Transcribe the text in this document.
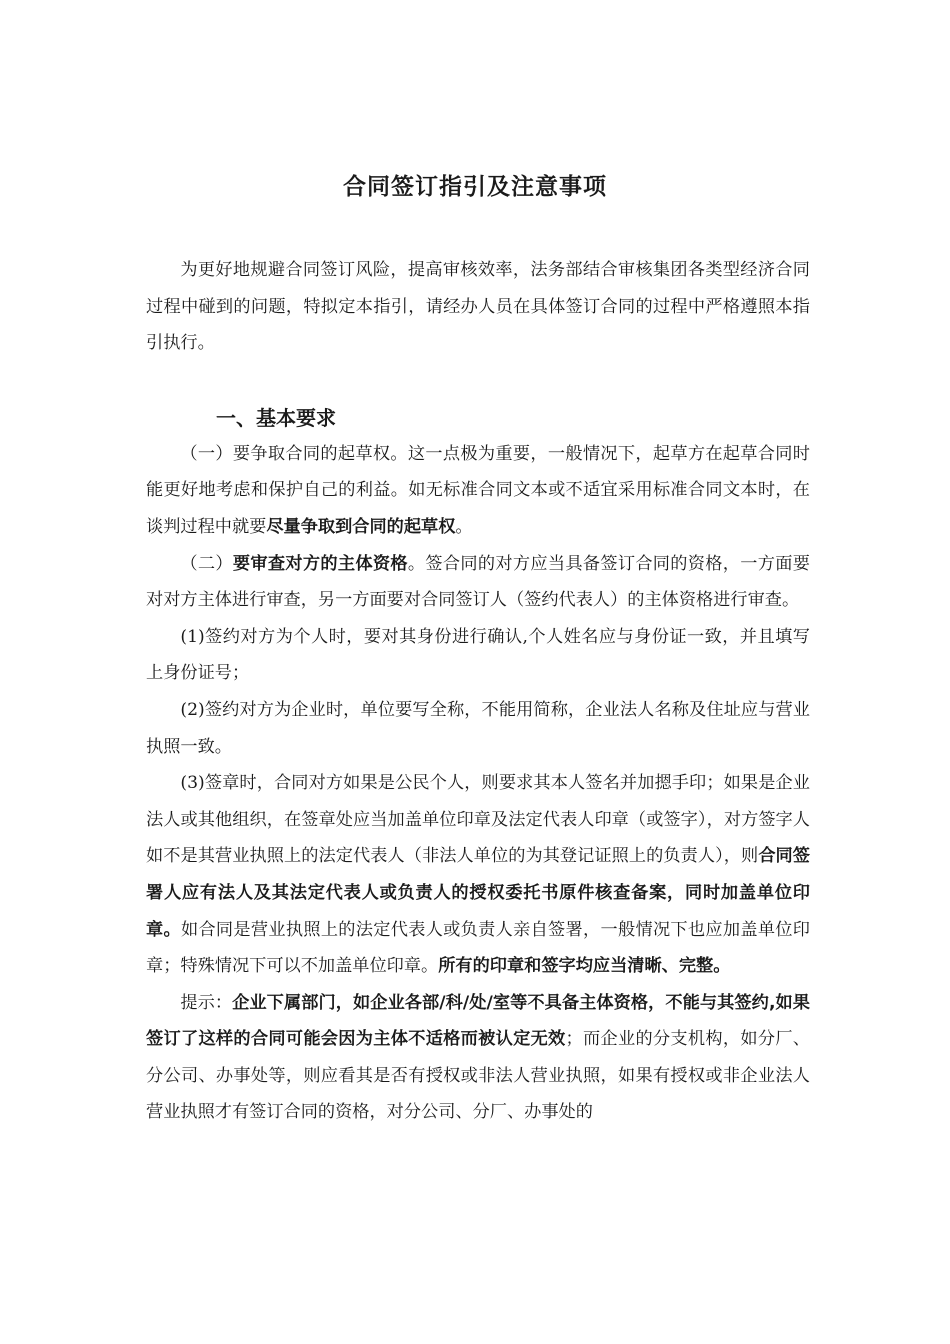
合同签订指引及注意事项

为更好地规避合同签订风险，提高审核效率，法务部结合审核集团各类型经济合同过程中碰到的问题，特拟定本指引，请经办人员在具体签订合同的过程中严格遵照本指引执行。

一、基本要求

（一）要争取合同的起草权。这一点极为重要，一般情况下，起草方在起草合同时能更好地考虑和保护自己的利益。如无标准合同文本或不适宜采用标准合同文本时，在谈判过程中就要尽量争取到合同的起草权。

（二）要审查对方的主体资格。签合同的对方应当具备签订合同的资格，一方面要对对方主体进行审查，另一方面要对合同签订人（签约代表人）的主体资格进行审查。

(1)签约对方为个人时，要对其身份进行确认,个人姓名应与身份证一致，并且填写上身份证号；

(2)签约对方为企业时，单位要写全称，不能用简称，企业法人名称及住址应与营业执照一致。

(3)签章时，合同对方如果是公民个人，则要求其本人签名并加摁手印；如果是企业法人或其他组织，在签章处应当加盖单位印章及法定代表人印章（或签字），对方签字人如不是其营业执照上的法定代表人（非法人单位的为其登记证照上的负责人），则合同签署人应有法人及其法定代表人或负责人的授权委托书原件核查备案，同时加盖单位印章。如合同是营业执照上的法定代表人或负责人亲自签署，一般情况下也应加盖单位印章；特殊情况下可以不加盖单位印章。所有的印章和签字均应当清晰、完整。

提示：企业下属部门，如企业各部/科/处/室等不具备主体资格，不能与其签约,如果签订了这样的合同可能会因为主体不适格而被认定无效；而企业的分支机构，如分厂、分公司、办事处等，则应看其是否有授权或非法人营业执照，如果有授权或非企业法人营业执照才有签订合同的资格，对分公司、分厂、办事处的
